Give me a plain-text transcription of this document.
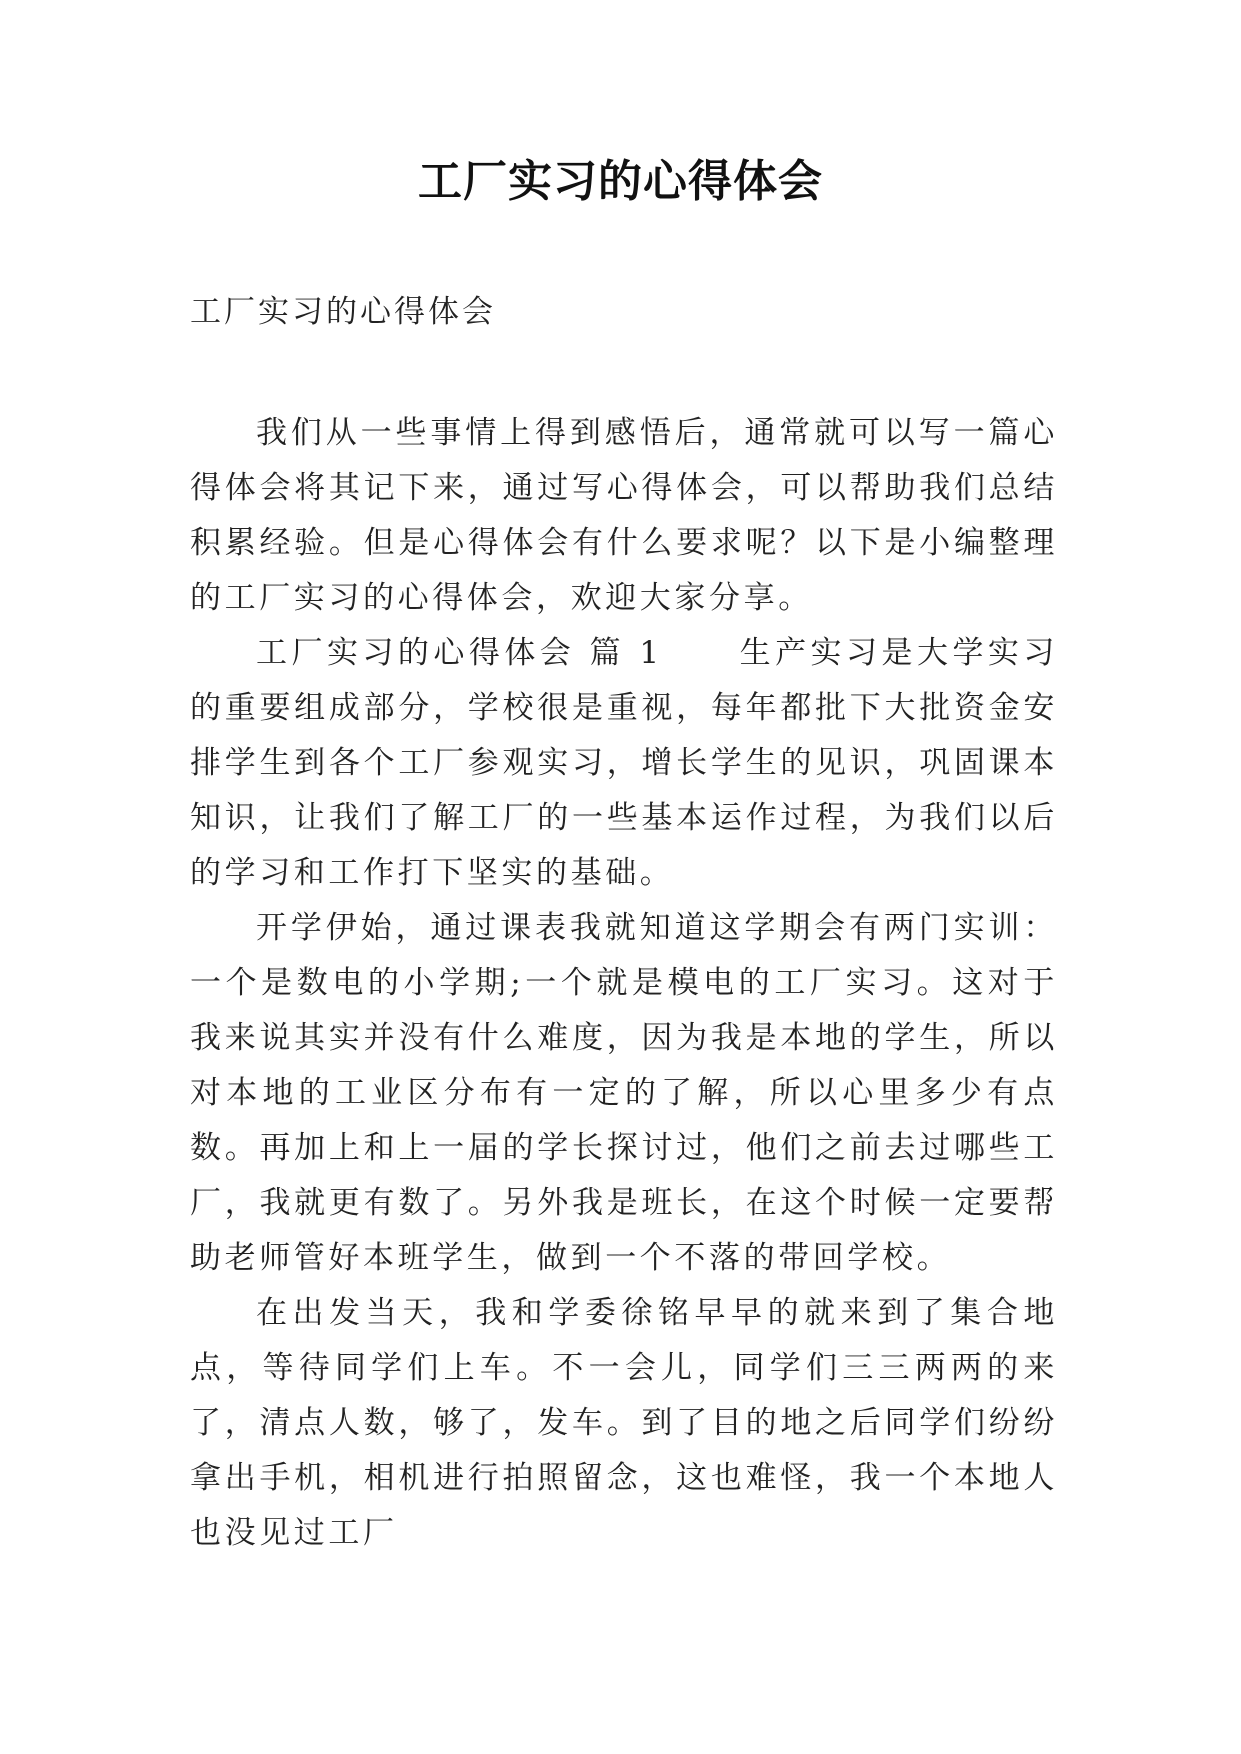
工厂实习的心得体会
工厂实习的心得体会

我们从一些事情上得到感悟后，通常就可以写一篇心得体会将其记下来，通过写心得体会，可以帮助我们总结积累经验。但是心得体会有什么要求呢？以下是小编整理的工厂实习的心得体会，欢迎大家分享。

工厂实习的心得体会 篇 1 生产实习是大学实习的重要组成部分，学校很是重视，每年都批下大批资金安排学生到各个工厂参观实习，增长学生的见识，巩固课本知识，让我们了解工厂的一些基本运作过程，为我们以后的学习和工作打下坚实的基础。

开学伊始，通过课表我就知道这学期会有两门实训：一个是数电的小学期;一个就是模电的工厂实习。这对于我来说其实并没有什么难度，因为我是本地的学生，所以对本地的工业区分布有一定的了解，所以心里多少有点数。再加上和上一届的学长探讨过，他们之前去过哪些工厂，我就更有数了。另外我是班长，在这个时候一定要帮助老师管好本班学生，做到一个不落的带回学校。

在出发当天，我和学委徐铭早早的就来到了集合地点，等待同学们上车。不一会儿，同学们三三两两的来了，清点人数，够了，发车。到了目的地之后同学们纷纷拿出手机，相机进行拍照留念，这也难怪，我一个本地人也没见过工厂
